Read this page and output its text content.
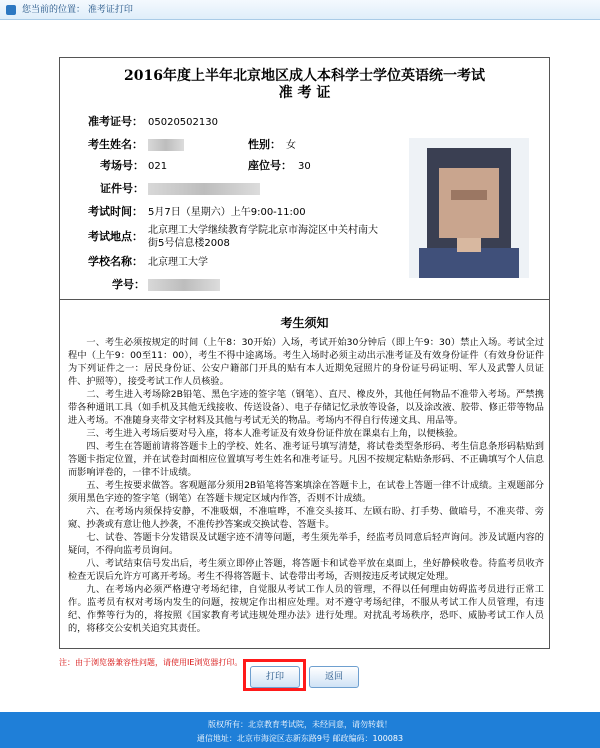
您当前的位置： 准考证打印
2016年度上半年北京地区成人本科学士学位英语统一考试
准 考 证
准考证号： 05020502130
考生姓名：	性别： 女
考场号： 021	座位号： 30
证件号：
考试时间： 5月7日（星期六）上午9:00-11:00
考试地点： 北京理工大学继续教育学院北京市海淀区中关村南大
街5号信息楼2008
学校名称： 北京理工大学
学号：
考生须知

一、考生必须按规定的时间（上午8：30开始）入场，考试开始30分钟后（即上午9：30）禁止入场。考试全过程中（上午9：00至11：00），考生不得中途离场。考生入场时必须主动出示准考证及有效身份证件（有效身份证件为下列证件之一：居民身份证、公安户籍部门开具的贴有本人近期免冠照片的身份证号码证明、军人及武警人员证件、护照等），接受考试工作人员核验。

二、考生进入考场除2B铅笔、黑色字迹的签字笔（钢笔）、直尺、橡皮外，其他任何物品不准带入考场。严禁携带各种通讯工具（如手机及其他无线接收、传送设备）、电子存储记忆录放等设备，以及涂改液、胶带、修正带等物品进入考场。不准随身夹带文字材料及其他与考试无关的物品。考场内不得自行传递文具、用品等。

三、考生进入考场后要对号入座，将本人准考证及有效身份证件放在课桌右上角，以便核验。

四、考生在答题前请将答题卡上的学校、姓名、准考证号填写清楚，将试卷类型条形码、考生信息条形码粘贴到答题卡指定位置，并在试卷封面相应位置填写考生姓名和准考证号。凡因不按规定粘贴条形码、不正确填写个人信息而影响评卷的，一律不计成绩。

五、考生按要求做答。客观题部分须用2B铅笔将答案填涂在答题卡上，在试卷上答题一律不计成绩。主观题部分须用黑色字迹的签字笔（钢笔）在答题卡规定区域内作答，否则不计成绩。

六、在考场内须保持安静，不准吸烟，不准喧哗，不准交头接耳、左顾右盼、打手势、做暗号，不准夹带、旁窥、抄袭或有意让他人抄袭，不准传抄答案或交换试卷、答题卡。

七、试卷、答题卡分发错误及试题字迹不清等问题，考生须先举手，经监考员同意后轻声询问。涉及试题内容的疑问，不得向监考员询问。

八、考试结束信号发出后，考生须立即停止答题，将答题卡和试卷平放在桌面上，坐好静候收卷。待监考员收齐检查无误后允许方可离开考场。考生不得将答题卡、试卷带出考场，否则按违反考试规定处理。

九、在考场内必须严格遵守考场纪律，自觉服从考试工作人员的管理，不得以任何理由妨碍监考员进行正常工作。监考员有权对考场内发生的问题，按规定作出相应处理。对不遵守考场纪律，不服从考试工作人员管理，有违纪、作弊等行为的，将按照《国家教育考试违规处理办法》进行处理。对扰乱考场秩序，恐吓、威胁考试工作人员的，将移交公安机关追究其责任。

注：由于浏览器兼容性问题，请使用IE浏览器打印。
打印	返回
版权所有：北京教育考试院，未经同意，请勿转载！
通信地址：北京市海淀区志新东路9号 邮政编码：100083
